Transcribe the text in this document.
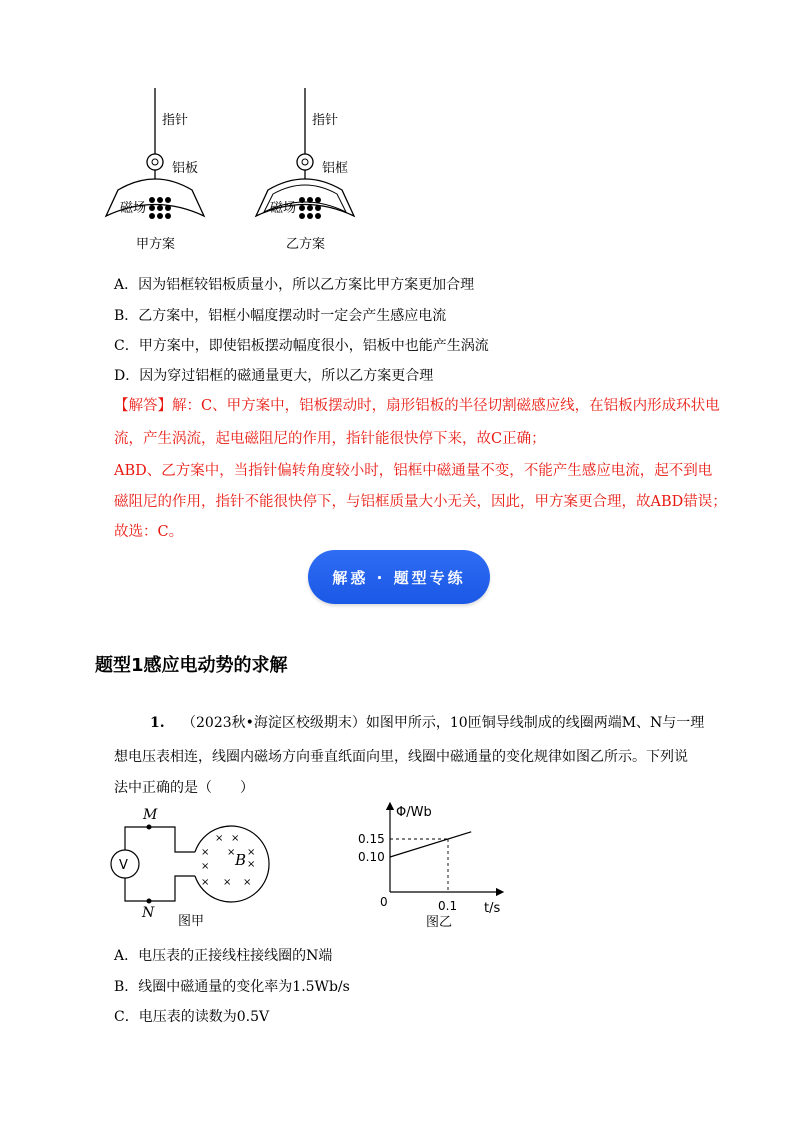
指针
铝板
磁场
甲方案
指针
铝框
磁场
乙方案
A．因为铝框较铝板质量小，所以乙方案比甲方案更加合理
B．乙方案中，铝框小幅度摆动时一定会产生感应电流
C．甲方案中，即使铝板摆动幅度很小，铝板中也能产生涡流
D．因为穿过铝框的磁通量更大，所以乙方案更合理
【解答】解：C、甲方案中，铝板摆动时，扇形铝板的半径切割磁感应线，在铝板内形成环状电
流，产生涡流，起电磁阻尼的作用，指针能很快停下来，故C正确；
ABD、乙方案中，当指针偏转角度较小时，铝框中磁通量不变，不能产生感应电流，起不到电
磁阻尼的作用，指针不能很快停下，与铝框质量大小无关，因此，甲方案更合理，故ABD错误；
故选：C。
解惑 · 题型专练
题型1感应电动势的求解
1. （2023秋•海淀区校级期末）如图甲所示，10匝铜导线制成的线圈两端M、N与一理
想电压表相连，线圈内磁场方向垂直纸面向里，线圈中磁通量的变化规律如图乙所示。下列说
法中正确的是（　　）
V
× ×
× × ×
×	×
× × ×
B
M
N
图甲
Φ/Wb
t/s
0
0.15
0.10
0.1
图乙
A．电压表的正接线柱接线圈的N端
B．线圈中磁通量的变化率为1.5Wb/s
C．电压表的读数为0.5V
